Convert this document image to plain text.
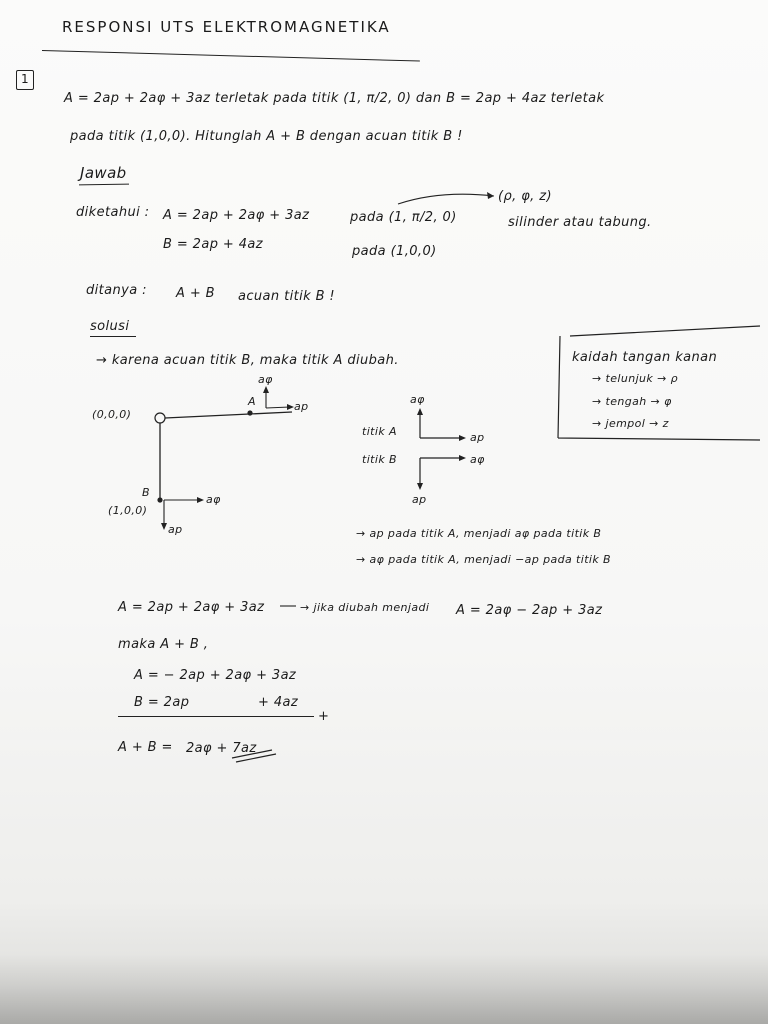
RESPONSI UTS ELEKTROMAGNETIKA
1
A = 2ap + 2aφ + 3az terletak pada titik (1, π/2, 0) dan B = 2ap + 4az terletak
pada titik (1,0,0). Hitunglah A + B dengan acuan titik B !
Jawab
diketahui : A = 2ap + 2aφ + 3az	pada (1, π/2, 0)
(ρ, φ, z)
silinder atau tabung.
B = 2ap + 4az	pada (1,0,0)
ditanya : A + B acuan titik B !
solusi
→ karena acuan titik B, maka titik A diubah.
(0,0,0)
A
aφ
ap
B
(1,0,0)
aφ
ap
aφ
titik A	ap
titik B	aφ
ap
kaidah tangan kanan
→ telunjuk → ρ
→ tengah → φ
→ jempol → z
→ ap pada titik A, menjadi aφ pada titik B
→ aφ pada titik A, menjadi −ap pada titik B
A = 2ap + 2aφ + 3az	→ jika diubah menjadi A = 2aφ − 2ap + 3az
maka A + B ,
A = − 2ap + 2aφ + 3az
B = 2ap	+ 4az
+
A + B = 2aφ + 7az
